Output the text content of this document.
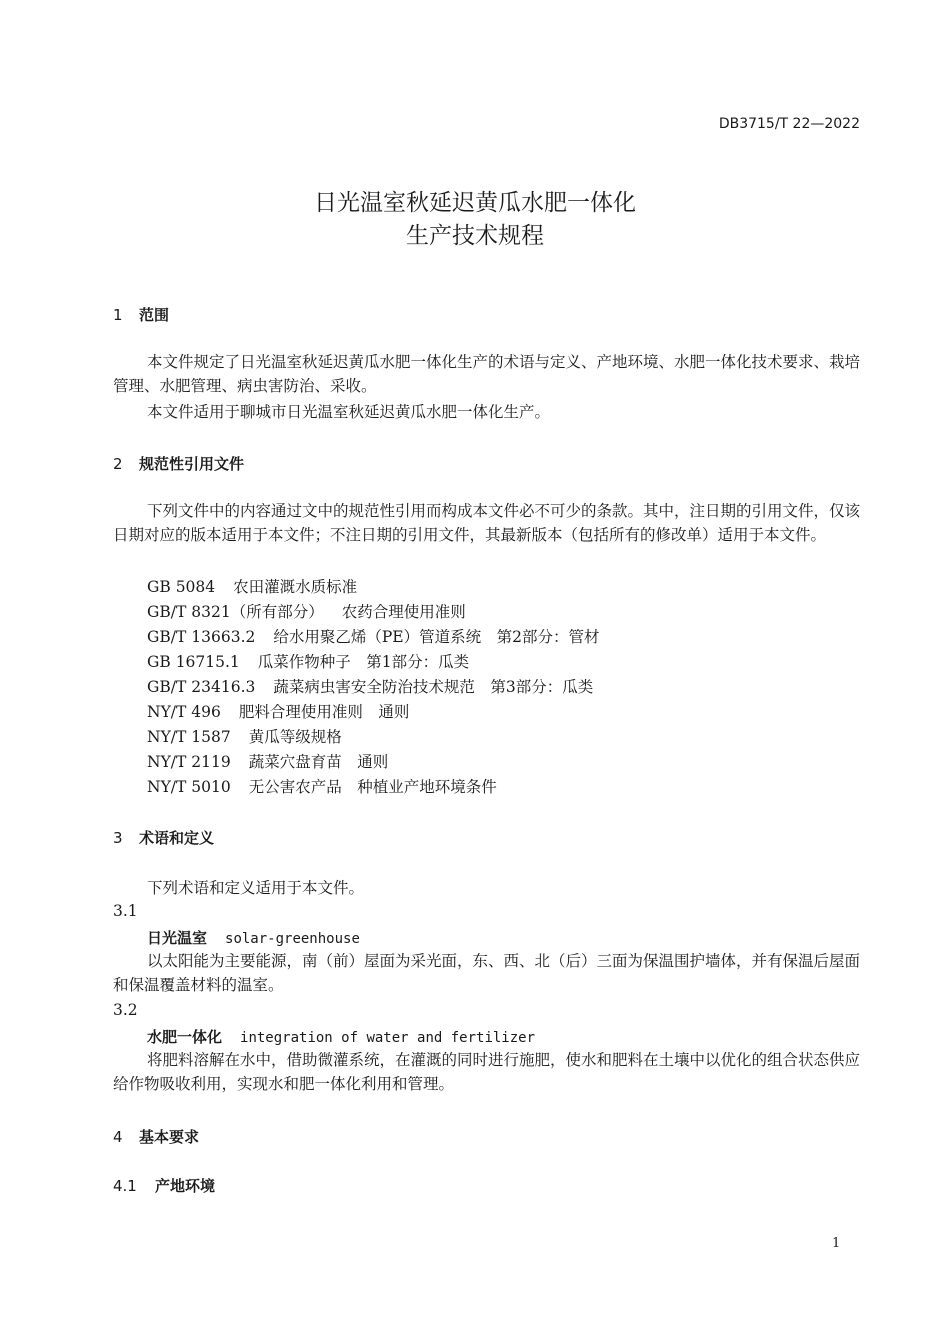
DB3715/T 22—2022
日光温室秋延迟黄瓜水肥一体化
生产技术规程
1 范围
本文件规定了日光温室秋延迟黄瓜水肥一体化生产的术语与定义、产地环境、水肥一体化技术要求、栽培管理、水肥管理、病虫害防治、采收。
本文件适用于聊城市日光温室秋延迟黄瓜水肥一体化生产。
2 规范性引用文件
下列文件中的内容通过文中的规范性引用而构成本文件必不可少的条款。其中，注日期的引用文件，仅该日期对应的版本适用于本文件；不注日期的引用文件，其最新版本（包括所有的修改单）适用于本文件。
GB 5084 农田灌溉水质标准
GB/T 8321（所有部分） 农药合理使用准则
GB/T 13663.2 给水用聚乙烯（PE）管道系统　第2部分：管材
GB 16715.1 瓜菜作物种子　第1部分：瓜类
GB/T 23416.3 蔬菜病虫害安全防治技术规范　第3部分：瓜类
NY/T 496 肥料合理使用准则　通则
NY/T 1587 黄瓜等级规格
NY/T 2119 蔬菜穴盘育苗　通则
NY/T 5010 无公害农产品　种植业产地环境条件
3 术语和定义
下列术语和定义适用于本文件。
3.1
日光温室 solar-greenhouse
以太阳能为主要能源，南（前）屋面为采光面，东、西、北（后）三面为保温围护墙体，并有保温后屋面和保温覆盖材料的温室。
3.2
水肥一体化 integration of water and fertilizer
将肥料溶解在水中，借助微灌系统，在灌溉的同时进行施肥，使水和肥料在土壤中以优化的组合状态供应给作物吸收利用，实现水和肥一体化利用和管理。
4 基本要求
4.1 产地环境
1
